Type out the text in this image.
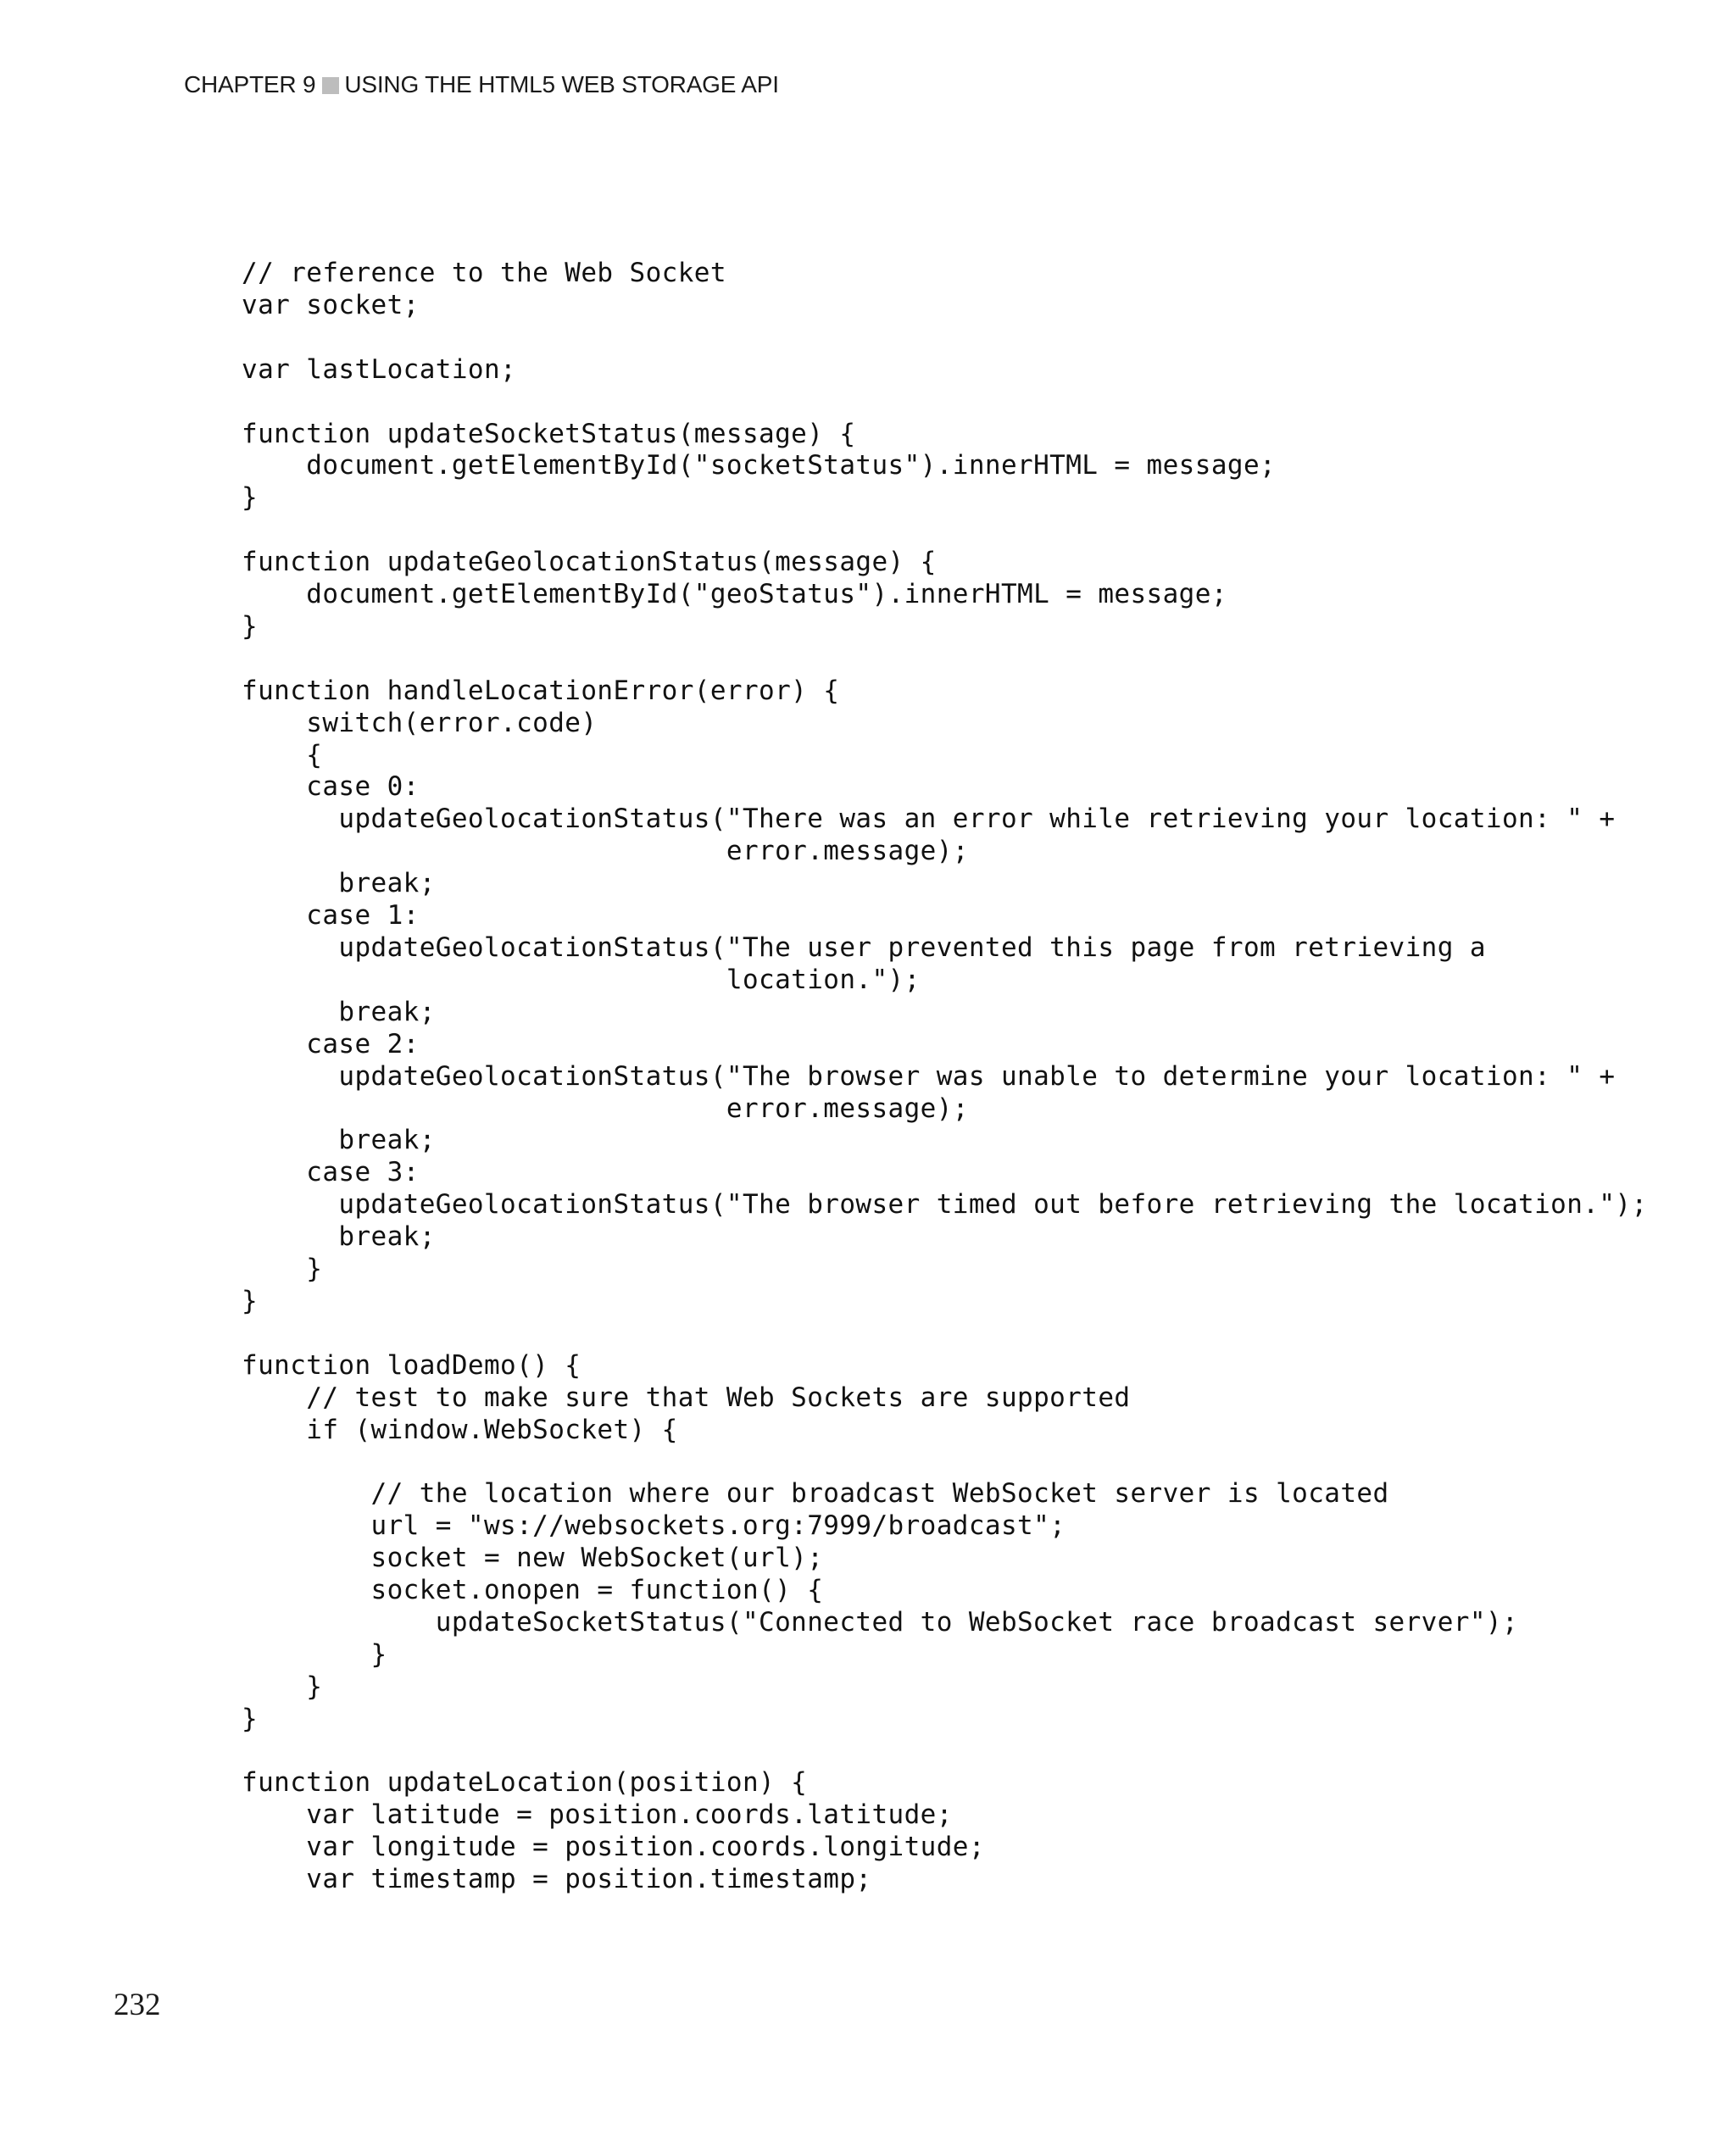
CHAPTER 9 USING THE HTML5 WEB STORAGE API
// reference to the Web Socket
var socket;
var lastLocation;
function updateSocketStatus(message) {
document.getElementById("socketStatus").innerHTML = message;
}
function updateGeolocationStatus(message) {
document.getElementById("geoStatus").innerHTML = message;
}
function handleLocationError(error) {
switch(error.code)
{
case 0:
updateGeolocationStatus("There was an error while retrieving your location: " +
error.message);
break;
case 1:
updateGeolocationStatus("The user prevented this page from retrieving a
location.");
break;
case 2:
updateGeolocationStatus("The browser was unable to determine your location: " +
error.message);
break;
case 3:
updateGeolocationStatus("The browser timed out before retrieving the location.");
break;
}
}
function loadDemo() {
// test to make sure that Web Sockets are supported
if (window.WebSocket) {
// the location where our broadcast WebSocket server is located
url = "ws://websockets.org:7999/broadcast";
socket = new WebSocket(url);
socket.onopen = function() {
updateSocketStatus("Connected to WebSocket race broadcast server");
}
}
}
function updateLocation(position) {
var latitude = position.coords.latitude;
var longitude = position.coords.longitude;
var timestamp = position.timestamp;
232
